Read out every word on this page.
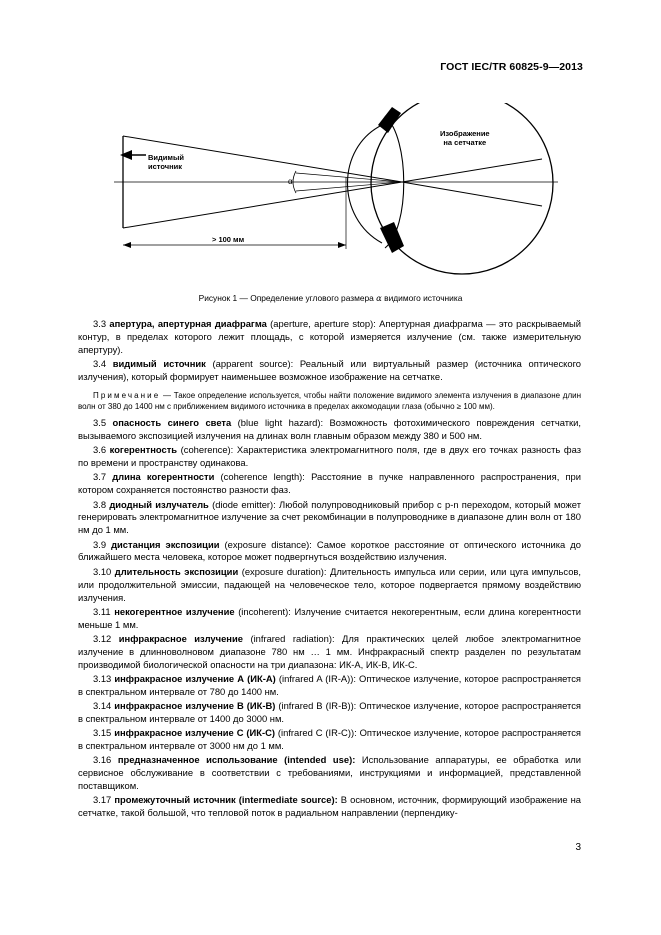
ГОСТ IEC/TR 60825-9—2013
Видимый
источник
Изображение
на сетчатке
α
> 100 мм
Рисунок 1 — Определение углового размера α видимого источника

3.3 апертура, апертурная диафрагма (aperture, aperture stop): Апертурная диафрагма — это раскрываемый контур, в пределах которого лежит площадь, с которой измеряется излучение (см. также измерительную апертуру).

3.4 видимый источник (apparent source): Реальный или виртуальный размер (источника оптического излучения), который формирует наименьшее возможное изображение на сетчатке.

Примечание — Такое определение используется, чтобы найти положение видимого элемента излучения в диапазоне длин волн от 380 до 1400 нм с приближением видимого источника в пределах аккомодации глаза (обычно ≥ 100 мм).

3.5 опасность синего света (blue light hazard): Возможность фотохимического повреждения сетчатки, вызываемого экспозицией излучения на длинах волн главным образом между 380 и 500 нм.

3.6 когерентность (coherence): Характеристика электромагнитного поля, где в двух его точках разность фаз по времени и пространству одинакова.

3.7 длина когерентности (coherence length): Расстояние в пучке направленного распространения, при котором сохраняется постоянство разности фаз.

3.8 диодный излучатель (diode emitter): Любой полупроводниковый прибор с p-n переходом, который может генерировать электромагнитное излучение за счет рекомбинации в полупроводнике в диапазоне длин волн от 180 нм до 1 мм.

3.9 дистанция экспозиции (exposure distance): Самое короткое расстояние от оптического источника до ближайшего места человека, которое может подвергнуться воздействию излучения.

3.10 длительность экспозиции (exposure duration): Длительность импульса или серии, или цуга импульсов, или продолжительной эмиссии, падающей на человеческое тело, которое подвергается прямому воздействию излучения.

3.11 некогерентное излучение (incoherent): Излучение считается некогерентным, если длина когерентности меньше 1 мм.

3.12 инфракрасное излучение (infrared radiation): Для практических целей любое электромагнитное излучение в длинноволновом диапазоне 780 нм … 1 мм. Инфракрасный спектр разделен по результатам производимой биологической опасности на три диапазона: ИК-А, ИК-В, ИК-С.

3.13 инфракрасное излучение А (ИК-А) (infrared A (IR-A)): Оптическое излучение, которое распространяется в спектральном интервале от 780 до 1400 нм.

3.14 инфракрасное излучение В (ИК-В) (infrared B (IR-B)): Оптическое излучение, которое распространяется в спектральном интервале от 1400 до 3000 нм.

3.15 инфракрасное излучение С (ИК-С) (infrared C (IR-C)): Оптическое излучение, которое распространяется в спектральном интервале от 3000 нм до 1 мм.

3.16 предназначенное использование (intended use): Использование аппаратуры, ее обработка или сервисное обслуживание в соответствии с требованиями, инструкциями и информацией, представленной поставщиком.

3.17 промежуточный источник (intermediate source): В основном, источник, формирующий изображение на сетчатке, такой большой, что тепловой поток в радиальном направлении (перпендику-

3
